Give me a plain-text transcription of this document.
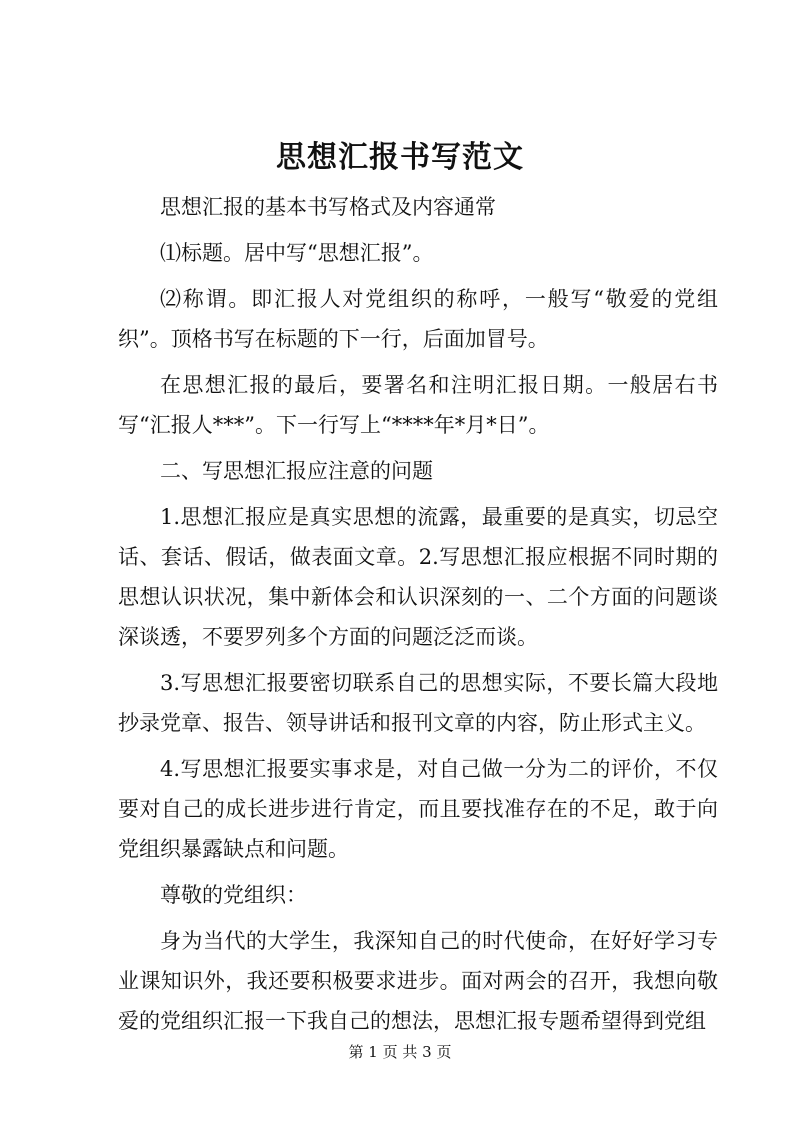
思想汇报书写范文

思想汇报的基本书写格式及内容通常

⑴标题。居中写“思想汇报”。

⑵称谓。即汇报人对党组织的称呼，一般写“敬爱的党组织”。顶格书写在标题的下一行，后面加冒号。

在思想汇报的最后，要署名和注明汇报日期。一般居右书写“汇报人***”。下一行写上“****年*月*日”。

二、写思想汇报应注意的问题

1.思想汇报应是真实思想的流露，最重要的是真实，切忌空话、套话、假话，做表面文章。2.写思想汇报应根据不同时期的思想认识状况，集中新体会和认识深刻的一、二个方面的问题谈深谈透，不要罗列多个方面的问题泛泛而谈。

3.写思想汇报要密切联系自己的思想实际，不要长篇大段地抄录党章、报告、领导讲话和报刊文章的内容，防止形式主义。

4.写思想汇报要实事求是，对自己做一分为二的评价，不仅要对自己的成长进步进行肯定，而且要找准存在的不足，敢于向党组织暴露缺点和问题。

尊敬的党组织：

身为当代的大学生，我深知自己的时代使命，在好好学习专业课知识外，我还要积极要求进步。面对两会的召开，我想向敬爱的党组织汇报一下我自己的想法，思想汇报专题希望得到党组

第 1 页 共 3 页
